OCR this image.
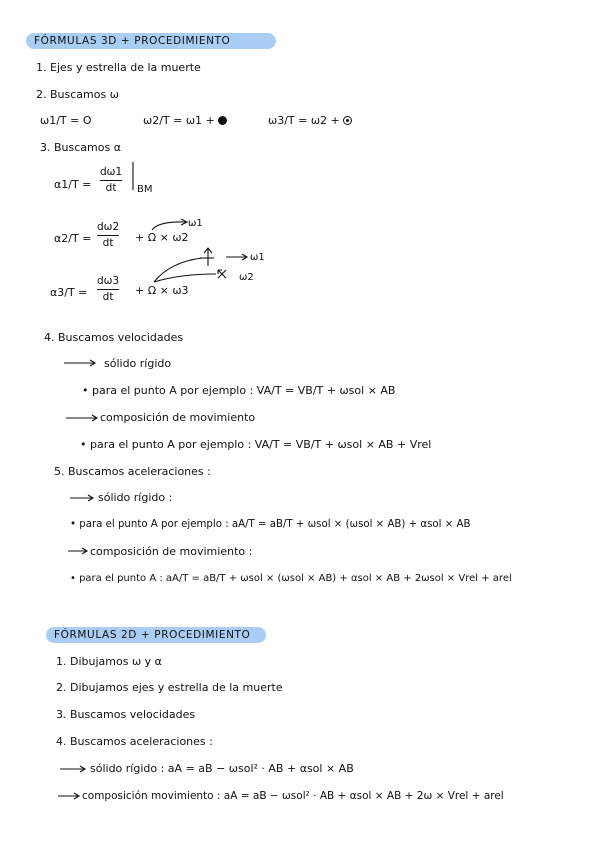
FÓRMULAS 3D + PROCEDIMIENTO
1. Ejes y estrella de la muerte
2. Buscamos ω
ω1/T = O	ω2/T = ω1 +	ω3/T = ω2 +
3. Buscamos α
α1/T =
dω1
dt BM
α2/T =
dω2
dt + Ω × ω2
ω1
α3/T =
dω3
dt + Ω × ω3
ω1
ω2
4. Buscamos velocidades
sólido rígido
• para el punto A por ejemplo : VA/T = VB/T + ωsol × AB
composición de movimiento
• para el punto A por ejemplo : VA/T = VB/T + ωsol × AB + Vrel
5. Buscamos aceleraciones :
sólido rígido :
• para el punto A por ejemplo : aA/T = aB/T + ωsol × (ωsol × AB) + αsol × AB
composición de movimiento :
• para el punto A : aA/T = aB/T + ωsol × (ωsol × AB) + αsol × AB + 2ωsol × Vrel + arel
FÓRMULAS 2D + PROCEDIMIENTO
1. Dibujamos ω y α
2. Dibujamos ejes y estrella de la muerte
3. Buscamos velocidades
4. Buscamos aceleraciones :
sólido rígido : aA = aB − ωsol² · AB + αsol × AB
composición movimiento : aA = aB − ωsol² · AB + αsol × AB + 2ω × Vrel + arel
